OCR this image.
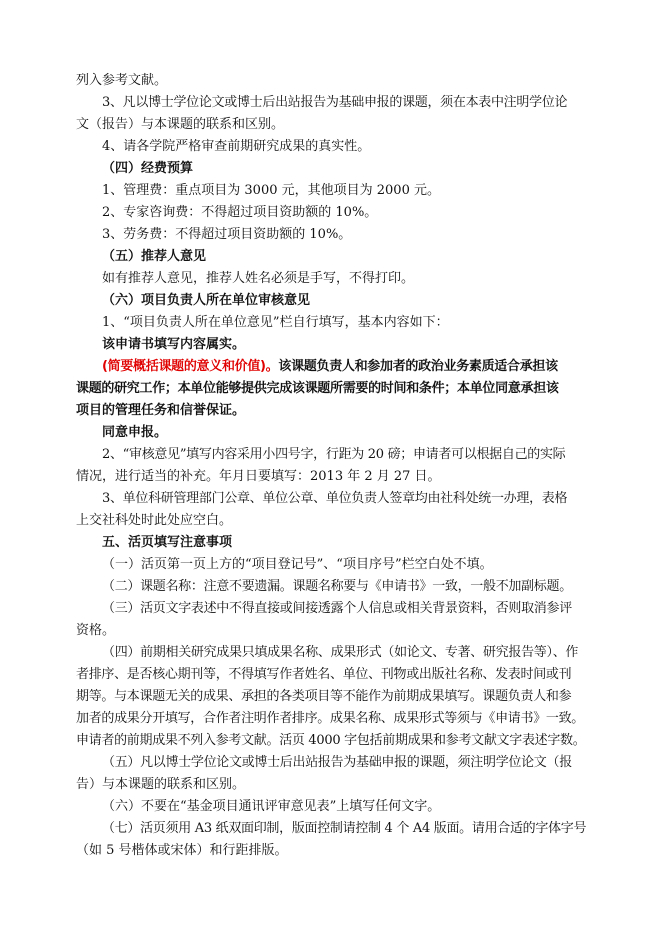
列入参考文献。

3、凡以博士学位论文或博士后出站报告为基础申报的课题，须在本表中注明学位论

文（报告）与本课题的联系和区别。

4、请各学院严格审查前期研究成果的真实性。

（四）经费预算

1、管理费：重点项目为 3000 元，其他项目为 2000 元。

2、专家咨询费：不得超过项目资助额的 10%。

3、劳务费：不得超过项目资助额的 10%。

（五）推荐人意见

如有推荐人意见，推荐人姓名必须是手写，不得打印。

（六）项目负责人所在单位审核意见

1、“项目负责人所在单位意见”栏自行填写，基本内容如下：

该申请书填写内容属实。

(简要概括课题的意义和价值)。该课题负责人和参加者的政治业务素质适合承担该

课题的研究工作；本单位能够提供完成该课题所需要的时间和条件；本单位同意承担该

项目的管理任务和信誉保证。

同意申报。

2、“审核意见”填写内容采用小四号字，行距为 20 磅；申请者可以根据自己的实际

情况，进行适当的补充。年月日要填写：2013 年 2 月 27 日。

3、单位科研管理部门公章、单位公章、单位负责人签章均由社科处统一办理，表格

上交社科处时此处应空白。

五、活页填写注意事项

（一）活页第一页上方的“项目登记号”、“项目序号”栏空白处不填。

（二）课题名称：注意不要遗漏。课题名称要与《申请书》一致，一般不加副标题。

（三）活页文字表述中不得直接或间接透露个人信息或相关背景资料，否则取消参评

资格。

（四）前期相关研究成果只填成果名称、成果形式（如论文、专著、研究报告等）、作

者排序、是否核心期刊等，不得填写作者姓名、单位、刊物或出版社名称、发表时间或刊

期等。与本课题无关的成果、承担的各类项目等不能作为前期成果填写。课题负责人和参

加者的成果分开填写，合作者注明作者排序。成果名称、成果形式等须与《申请书》一致。

申请者的前期成果不列入参考文献。活页 4000 字包括前期成果和参考文献文字表述字数。

（五）凡以博士学位论文或博士后出站报告为基础申报的课题，须注明学位论文（报

告）与本课题的联系和区别。

（六）不要在“基金项目通讯评审意见表”上填写任何文字。

（七）活页须用 A3 纸双面印制，版面控制请控制 4 个 A4 版面。请用合适的字体字号

（如 5 号楷体或宋体）和行距排版。
